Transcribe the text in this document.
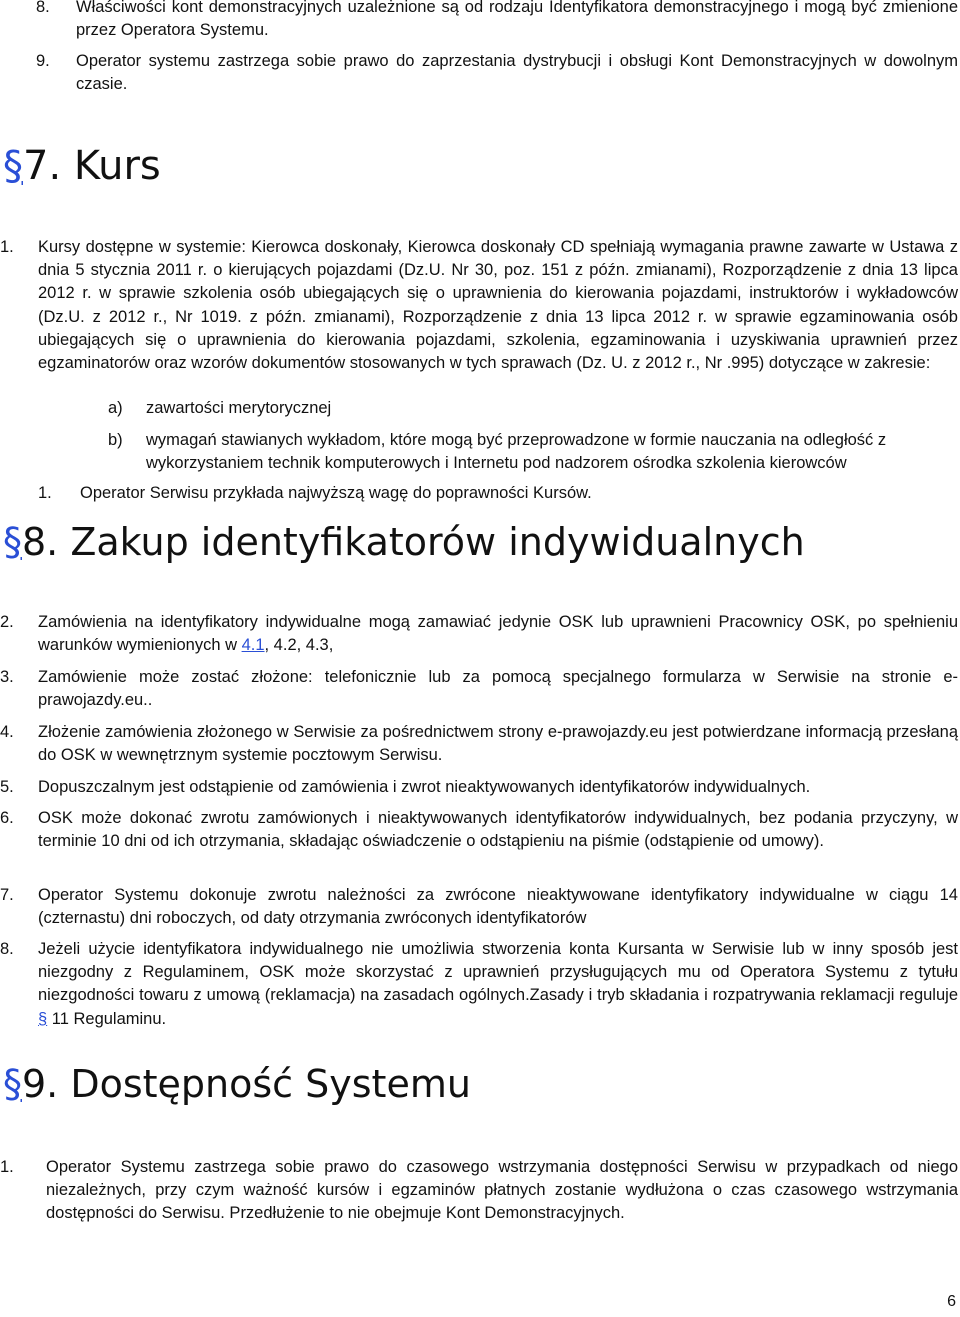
8. Właściwości kont demonstracyjnych uzależnione są od rodzaju Identyfikatora demonstracyjnego i mogą być zmienione przez Operatora Systemu.
9. Operator systemu zastrzega sobie prawo do zaprzestania dystrybucji i obsługi Kont Demonstracyjnych w dowolnym czasie.
§7. Kurs
1. Kursy dostępne w systemie: Kierowca doskonały, Kierowca doskonały CD spełniają wymagania prawne zawarte w Ustawa z dnia 5 stycznia 2011 r. o kierujących pojazdami (Dz.U. Nr 30, poz. 151 z późn. zmianami), Rozporządzenie z dnia 13 lipca 2012 r. w sprawie szkolenia osób ubiegających się o uprawnienia do kierowania pojazdami, instruktorów i wykładowców (Dz.U. z 2012 r., Nr 1019. z późn. zmianami), Rozporządzenie z dnia 13 lipca 2012 r. w sprawie egzaminowania osób ubiegających się o uprawnienia do kierowania pojazdami, szkolenia, egzaminowania i uzyskiwania uprawnień przez egzaminatorów oraz wzorów dokumentów stosowanych w tych sprawach (Dz. U. z 2012 r., Nr .995) dotyczące w zakresie:
a) zawartości merytorycznej
b) wymagań stawianych wykładom, które mogą być przeprowadzone w formie nauczania na odległość z wykorzystaniem technik komputerowych i Internetu pod nadzorem ośrodka szkolenia kierowców
1. Operator Serwisu przykłada najwyższą wagę do poprawności Kursów.
§8. Zakup identyfikatorów indywidualnych
2. Zamówienia na identyfikatory indywidualne mogą zamawiać jedynie OSK lub uprawnieni Pracownicy OSK, po spełnieniu warunków wymienionych w 4.1, 4.2, 4.3,
3. Zamówienie może zostać złożone: telefonicznie lub za pomocą specjalnego formularza w Serwisie na stronie e-prawojazdy.eu..
4. Złożenie zamówienia złożonego w Serwisie za pośrednictwem strony e-prawojazdy.eu jest potwierdzane informacją przesłaną do OSK w wewnętrznym systemie pocztowym Serwisu.
5. Dopuszczalnym jest odstąpienie od zamówienia i zwrot nieaktywowanych identyfikatorów indywidualnych.
6. OSK może dokonać zwrotu zamówionych i nieaktywowanych identyfikatorów indywidualnych, bez podania przyczyny, w terminie 10 dni od ich otrzymania, składając oświadczenie o odstąpieniu na piśmie (odstąpienie od umowy).
7. Operator Systemu dokonuje zwrotu należności za zwrócone nieaktywowane identyfikatory indywidualne w ciągu 14 (czternastu) dni roboczych, od daty otrzymania zwróconych identyfikatorów
8. Jeżeli użycie identyfikatora indywidualnego nie umożliwia stworzenia konta Kursanta w Serwisie lub w inny sposób jest niezgodny z Regulaminem, OSK może skorzystać z uprawnień przysługujących mu od Operatora Systemu z tytułu niezgodności towaru z umową (reklamacja) na zasadach ogólnych.Zasady i tryb składania i rozpatrywania reklamacji reguluje § 11 Regulaminu.
§9. Dostępność Systemu
1. Operator Systemu zastrzega sobie prawo do czasowego wstrzymania dostępności Serwisu w przypadkach od niego niezależnych, przy czym ważność kursów i egzaminów płatnych zostanie wydłużona o czas czasowego wstrzymania dostępności do Serwisu. Przedłużenie to nie obejmuje Kont Demonstracyjnych.
6
